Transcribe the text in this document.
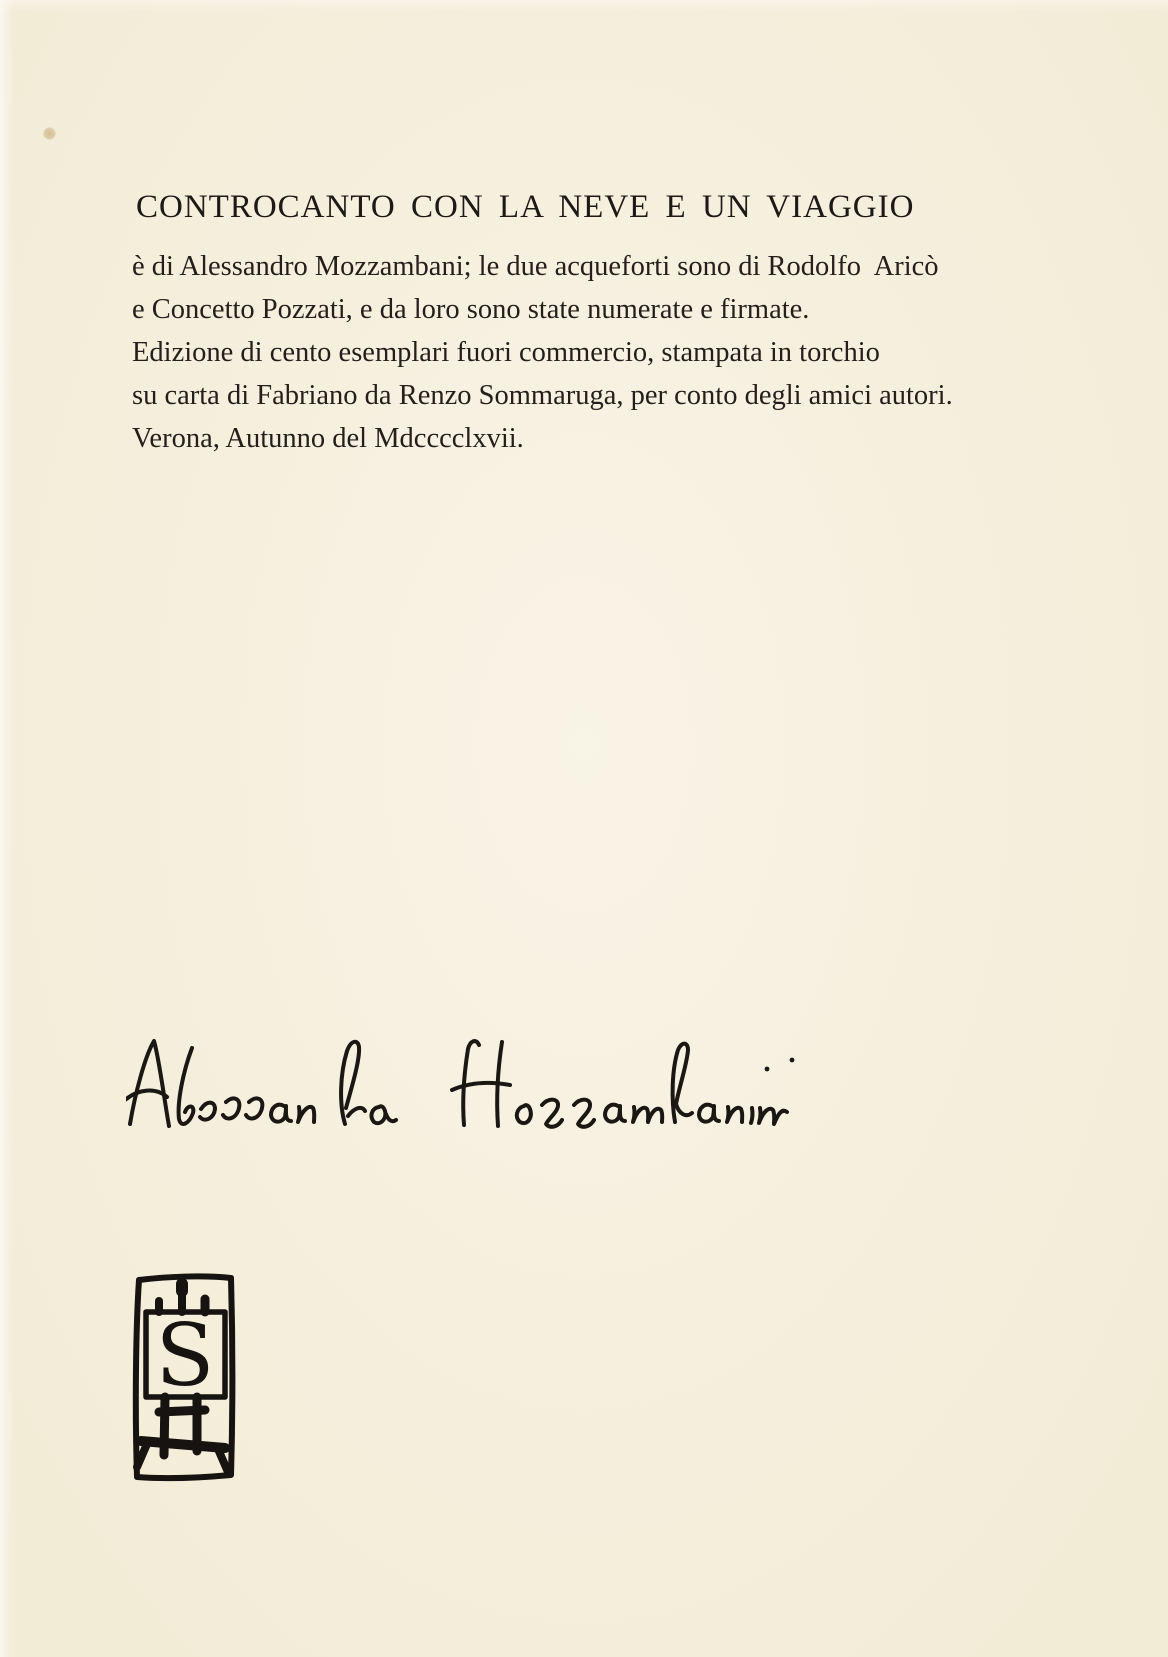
CONTROCANTO CON LA NEVE E UN VIAGGIO
è di Alessandro Mozzambani; le due acqueforti sono di Rodolfo  Aricò
e Concetto Pozzati, e da loro sono state numerate e firmate.
Edizione di cento esemplari fuori commercio, stampata in torchio
su carta di Fabriano da Renzo Sommaruga, per conto degli amici autori.
Verona, Autunno del Mdcccclxvii.
S
